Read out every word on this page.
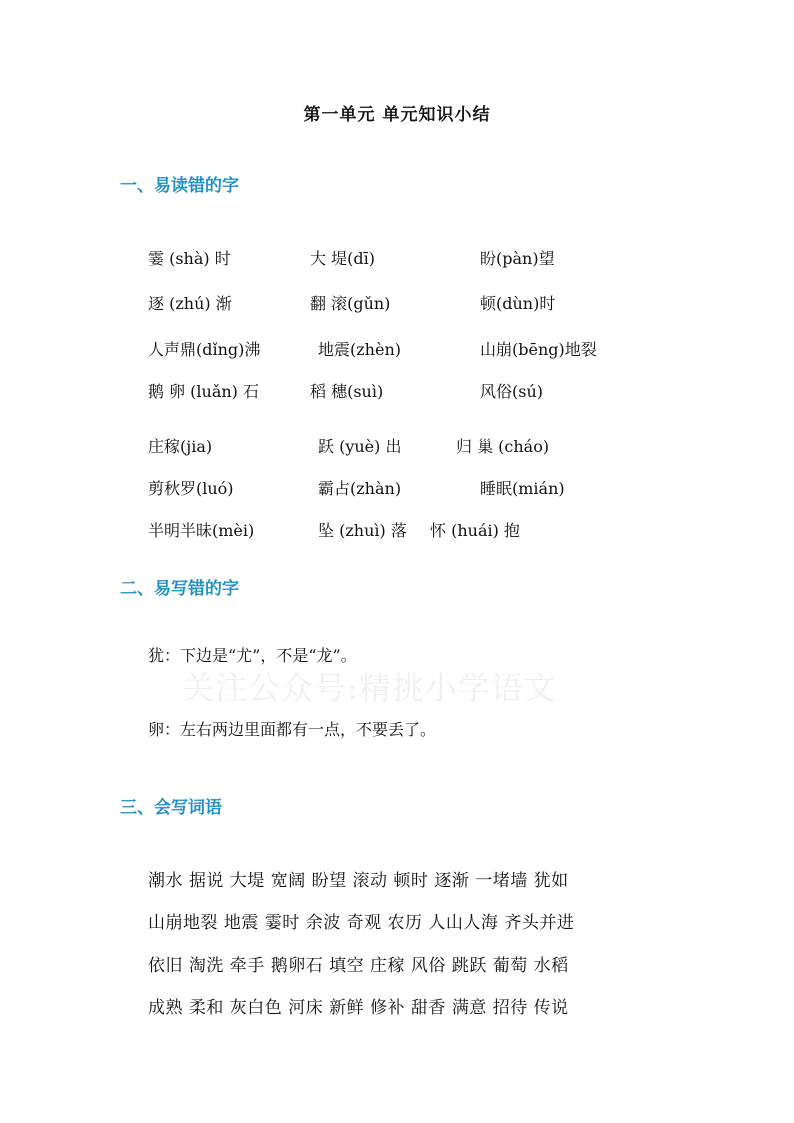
第一单元 单元知识小结
一、易读错的字
霎 (shà) 时	大 堤(dī)	盼(pàn)望
逐 (zhú) 渐	翻 滚(gǔn)	顿(dùn)时
人声鼎(dǐng)沸	地震(zhèn)	山崩(bēng)地裂
鹅 卵 (luǎn) 石	稻 穗(suì)	风俗(sú)
庄稼(jia)	跃 (yuè) 出	归 巢 (cháo)
剪秋罗(luó)	霸占(zhàn)	睡眠(mián)
半明半昧(mèi)	坠 (zhuì) 落 怀 (huái) 抱
二、易写错的字
犹：下边是“尤”，不是“龙”。
关注公众号:精挑小学语文
卵：左右两边里面都有一点，不要丢了。
三、会写词语
潮水 据说 大堤 宽阔 盼望 滚动 顿时 逐渐 一堵墙 犹如
山崩地裂 地震 霎时 余波 奇观 农历 人山人海 齐头并进
依旧 淘洗 牵手 鹅卵石 填空 庄稼 风俗 跳跃 葡萄 水稻
成熟 柔和 灰白色 河床 新鲜 修补 甜香 满意 招待 传说
